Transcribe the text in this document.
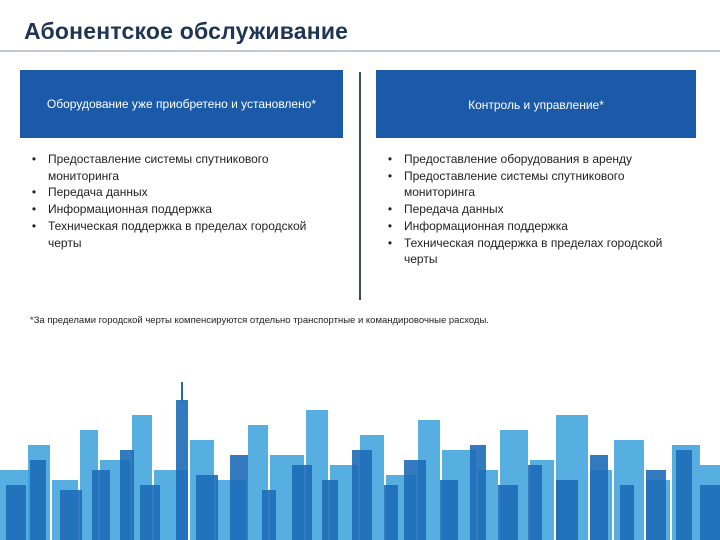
Абонентское обслуживание
Оборудование уже приобретено и установлено*	Контроль и управление*
• Предоставление системы спутникового мониторинга
• Передача данных
• Информационная поддержка
• Техническая поддержка в пределах городской черты
• Предоставление оборудования в аренду
• Предоставление системы спутникового мониторинга
• Передача данных
• Информационная поддержка
• Техническая поддержка в пределах городской черты
*За пределами городской черты компенсируются отдельно транспортные и командировочные расходы.
